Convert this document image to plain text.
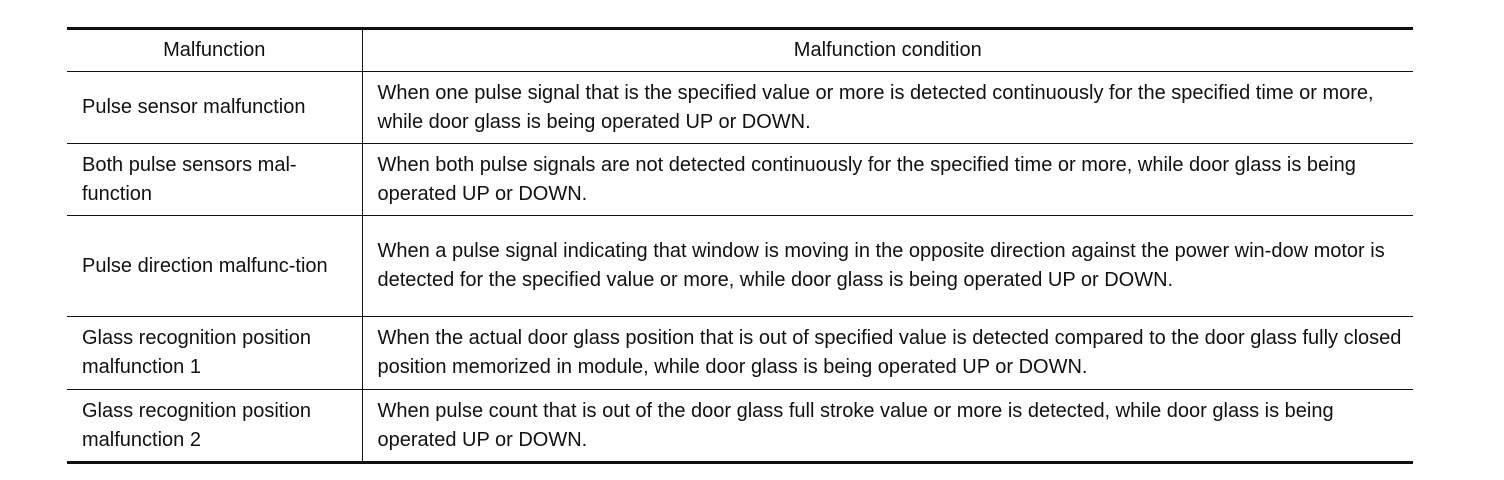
Malfunction	Malfunction condition
Pulse sensor malfunction	When one pulse signal that is the specified value or more is detected continuously for the specified time or more, while door glass is being operated UP or DOWN.
Both pulse sensors mal-function	When both pulse signals are not detected continuously for the specified time or more, while door glass is being operated UP or DOWN.
Pulse direction malfunc-tion	When a pulse signal indicating that window is moving in the opposite direction against the power win-dow motor is detected for the specified value or more, while door glass is being operated UP or DOWN.
Glass recognition position malfunction 1	When the actual door glass position that is out of specified value is detected compared to the door glass fully closed position memorized in module, while door glass is being operated UP or DOWN.
Glass recognition position malfunction 2	When pulse count that is out of the door glass full stroke value or more is detected, while door glass is being operated UP or DOWN.
